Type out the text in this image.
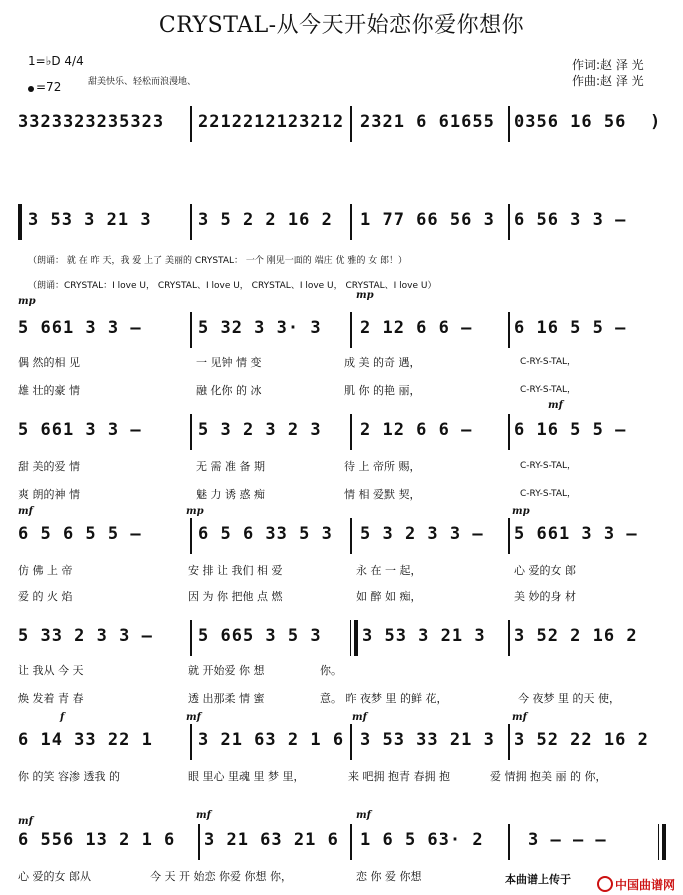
CRYSTAL-从今天开始恋你爱你想你
1=♭D 4/4
=72	甜美快乐、轻松而浪漫地、
作词:赵 泽 光
作曲:赵 泽 光
3323323235323 2212212123212 2321 6 61655 0356 16 56 )
3 53 3 21 3	3 5 2 2 16 2 1 77 66 56 3 6 56 3 3 –
（朗诵： 就 在 昨 天，我 爱 上了 美丽的 CRYSTAL： 一个 刚见一面的 端庄 优 雅的 女 郎！）
（朗诵：CRYSTAL：I love U， CRYSTAL、I love U， CRYSTAL、I love U， CRYSTAL、I love U）
mp
mp
5 661 3 3 –	5 32 3 3· 3 2 12 6 6 – 6 16 5 5 –
偶 然的相 见	一 见钟 情 变	成 美 的奇 遇，	C-RY-S-TAL，
雄 壮的豪 情	融 化你 的 冰	肌 你 的艳 丽，	C-RY-S-TAL，
mf
5 661 3 3 –	5 3 2 3 2 3 2 12 6 6 – 6 16 5 5 –
甜 美的爱 情	无 需 准 备 期	待 上 帝所 赐，	C-RY-S-TAL，
爽 朗的神 情	魅 力 诱 惑 痴	情 相 爱默 契，	C-RY-S-TAL，
mf	mp	mp
6 5 6 5 5 –	6 5 6 33 5 3 5 3 2 3 3 – 5 661 3 3 –
仿 佛 上 帝	安 排 让 我们 相 爱	永 在 一 起，	心 爱的女 郎
爱 的 火 焰	因 为 你 把他 点 燃	如 醉 如 痴，	美 妙的身 材
5 33 2 3 3 –	5 665 3 5 3 3 53 3 21 3 3 52 2 16 2
让 我从 今 天	就 开始爱 你 想	你。
焕 发着 青 春	透 出那柔 情 蜜	意。 昨 夜梦 里 的鲜 花，	今 夜梦 里 的天 使，
f	mf	mf	mf
6 14 33 22 1	3 21 63 2 1 6 3 53 33 21 3 3 52 22 16 2
你 的笑 容渗 透我 的	眼 里心 里魂 里 梦 里，	来 吧拥 抱青 春拥 抱	爱 情拥 抱美 丽 的 你，
mf
mf	mf
6 556 13 2 1 6 3 21 63 21 6 1 6 5 63· 2	3 – – –
心 爱的女 郎从	今 天 开 始恋 你爱 你想 你，	恋 你 爱 你想	本曲谱上传于	中国曲谱网
